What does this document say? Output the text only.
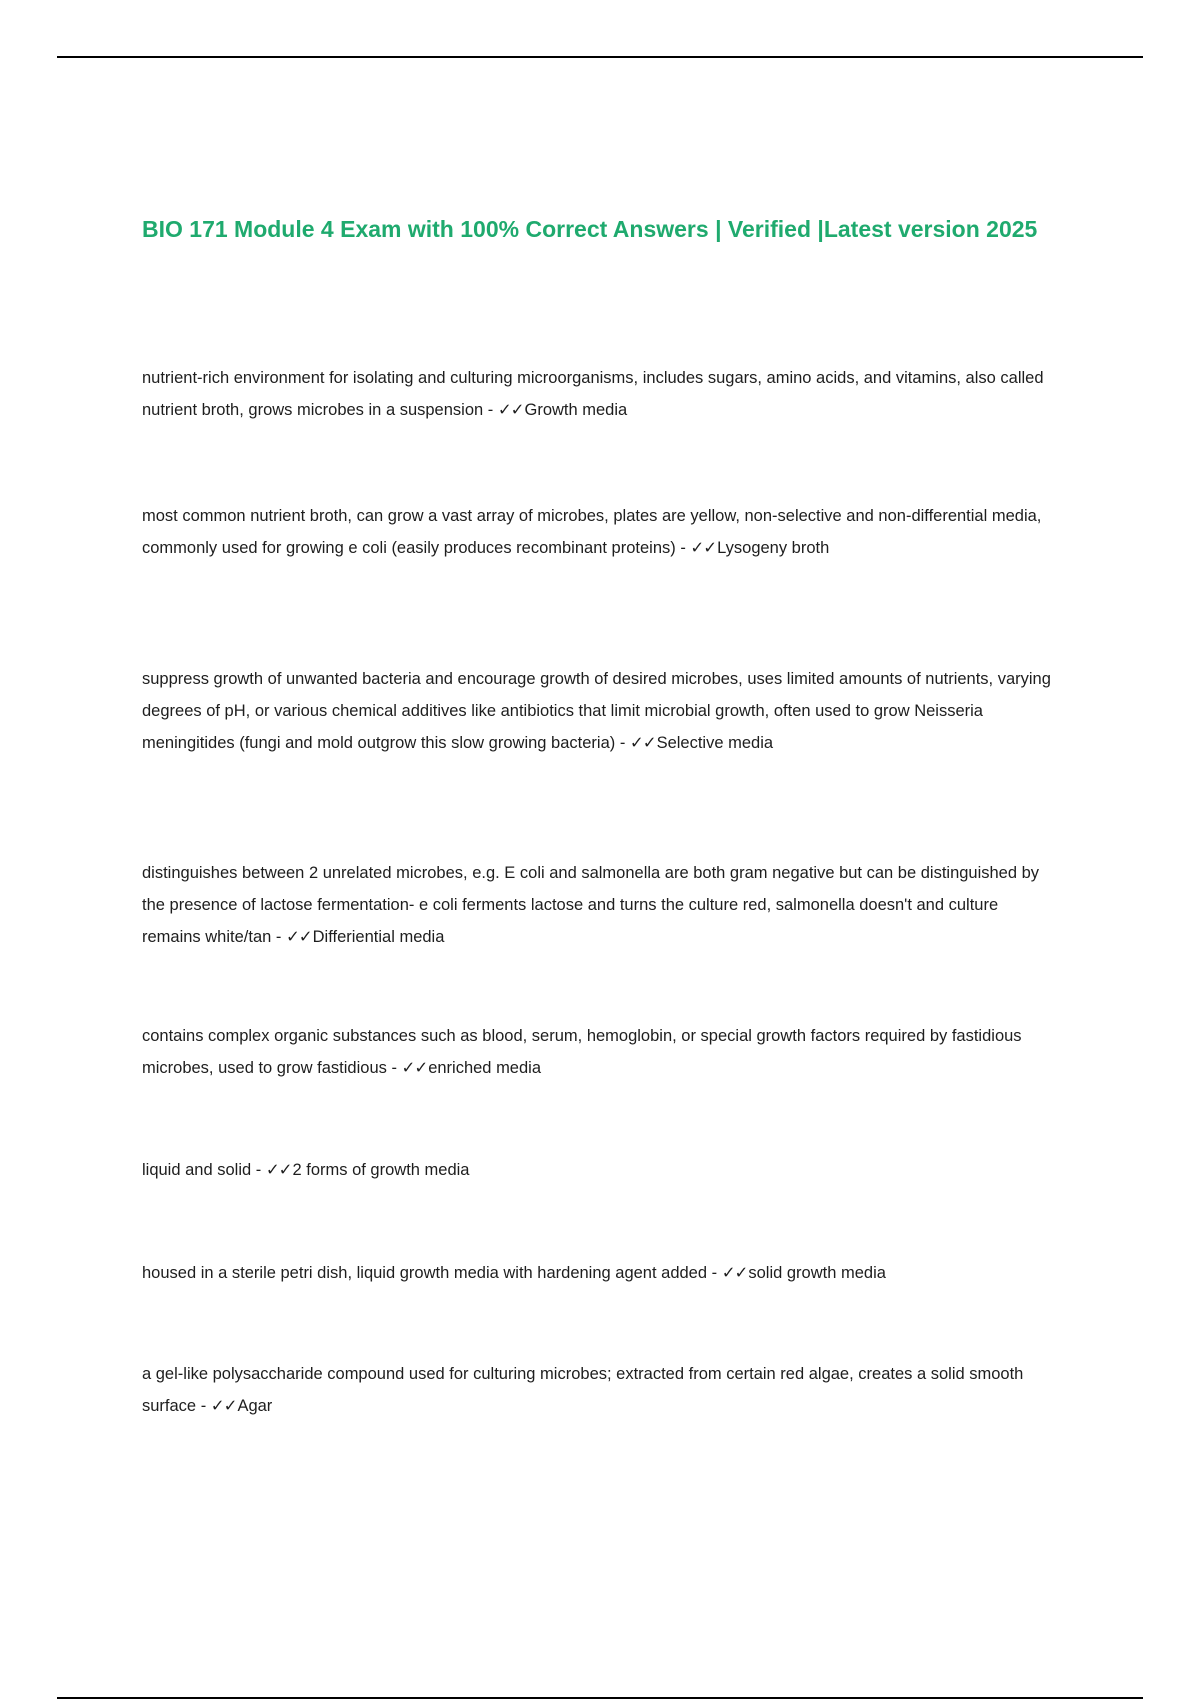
BIO 171 Module 4 Exam with 100% Correct Answers | Verified |Latest version 2025
nutrient-rich environment for isolating and culturing microorganisms, includes sugars, amino acids, and vitamins, also called nutrient broth, grows microbes in a suspension - ✓✓Growth media
most common nutrient broth, can grow a vast array of microbes, plates are yellow, non-selective and non-differential media, commonly used for growing e coli (easily produces recombinant proteins) - ✓✓Lysogeny broth
suppress growth of unwanted bacteria and encourage growth of desired microbes, uses limited amounts of nutrients, varying degrees of pH, or various chemical additives like antibiotics that limit microbial growth, often used to grow Neisseria meningitides (fungi and mold outgrow this slow growing bacteria) - ✓✓Selective media
distinguishes between 2 unrelated microbes, e.g. E coli and salmonella are both gram negative but can be distinguished by the presence of lactose fermentation- e coli ferments lactose and turns the culture red, salmonella doesn't and culture remains white/tan - ✓✓Differiential media
contains complex organic substances such as blood, serum, hemoglobin, or special growth factors required by fastidious microbes, used to grow fastidious - ✓✓enriched media
liquid and solid - ✓✓2 forms of growth media
housed in a sterile petri dish, liquid growth media with hardening agent added - ✓✓solid growth media
a gel-like polysaccharide compound used for culturing microbes; extracted from certain red algae, creates a solid smooth surface - ✓✓Agar
